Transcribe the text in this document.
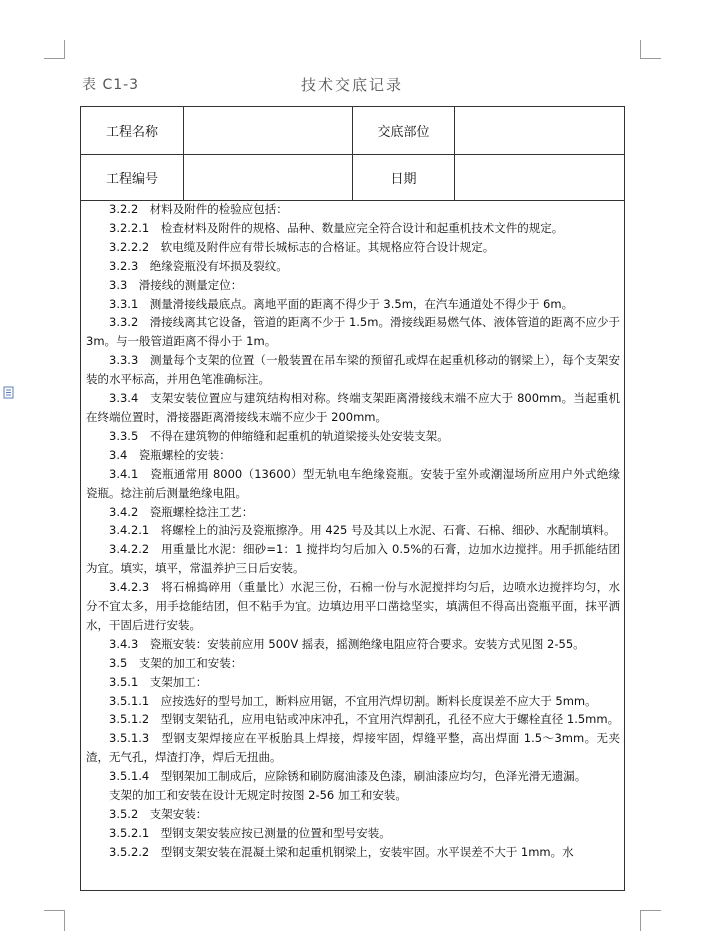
表 C1-3	技术交底记录
工程名称	交底部位
工程编号	日期

3.2.2　材料及附件的检验应包括：

3.2.2.1　检查材料及附件的规格、品种、数量应完全符合设计和起重机技术文件的规定。

3.2.2.2　软电缆及附件应有带长城标志的合格证。其规格应符合设计规定。

3.2.3　绝缘瓷瓶没有坏损及裂纹。

3.3　滑接线的测量定位：

3.3.1　测量滑接线最底点。离地平面的距离不得少于 3.5m，在汽车通道处不得少于 6m。

3.3.2　滑接线离其它设备，管道的距离不少于 1.5m。滑接线距易燃气体、液体管道的距离不应少于 3m。与一般管道距离不得小于 1m。

3.3.3　测量每个支架的位置（一般装置在吊车梁的预留孔或焊在起重机移动的钢梁上），每个支架安装的水平标高，并用色笔准确标注。

3.3.4　支架安装位置应与建筑结构相对称。终端支架距离滑接线末端不应大于 800mm。当起重机在终端位置时，滑接器距离滑接线末端不应少于 200mm。

3.3.5　不得在建筑物的伸缩缝和起重机的轨道梁接头处安装支架。

3.4　瓷瓶螺栓的安装：

3.4.1　瓷瓶通常用 8000（13600）型无轨电车绝缘瓷瓶。安装于室外或潮湿场所应用户外式绝缘瓷瓶。捻注前后测量绝缘电阻。

3.4.2　瓷瓶螺栓捻注工艺：

3.4.2.1　将螺栓上的油污及瓷瓶擦净。用 425 号及其以上水泥、石膏、石棉、细砂、水配制填料。

3.4.2.2　用重量比水泥：细砂=1：1 搅拌均匀后加入 0.5%的石膏，边加水边搅拌。用手抓能结团为宜。填实，填平，常温养护三日后安装。

3.4.2.3　将石棉捣碎用（重量比）水泥三份，石棉一份与水泥搅拌均匀后，边喷水边搅拌均匀，水分不宜太多，用手捻能结团，但不粘手为宜。边填边用平口凿捻坚实，填满但不得高出瓷瓶平面，抹平洒水，干固后进行安装。

3.4.3　瓷瓶安装：安装前应用 500V 摇表，摇测绝缘电阻应符合要求。安装方式见图 2-55。

3.5　支架的加工和安装：

3.5.1　支架加工：

3.5.1.1　应按选好的型号加工，断料应用锯，不宜用汽焊切割。断料长度误差不应大于 5mm。

3.5.1.2　型钢支架钻孔，应用电钻或冲床冲孔，不宜用汽焊割孔，孔径不应大于螺栓直径 1.5mm。

3.5.1.3　型钢支架焊接应在平板胎具上焊接，焊接牢固，焊缝平整，高出焊面 1.5～3mm。无夹渣，无气孔，焊渣打净，焊后无扭曲。

3.5.1.4　型钢架加工制成后，应除锈和刷防腐油漆及色漆，刷油漆应均匀，色泽光滑无遗漏。

支架的加工和安装在设计无规定时按图 2-56 加工和安装。

3.5.2　支架安装：

3.5.2.1　型钢支架安装应按已测量的位置和型号安装。

3.5.2.2　型钢支架安装在混凝土梁和起重机钢梁上，安装牢固。水平误差不大于 1mm。水
